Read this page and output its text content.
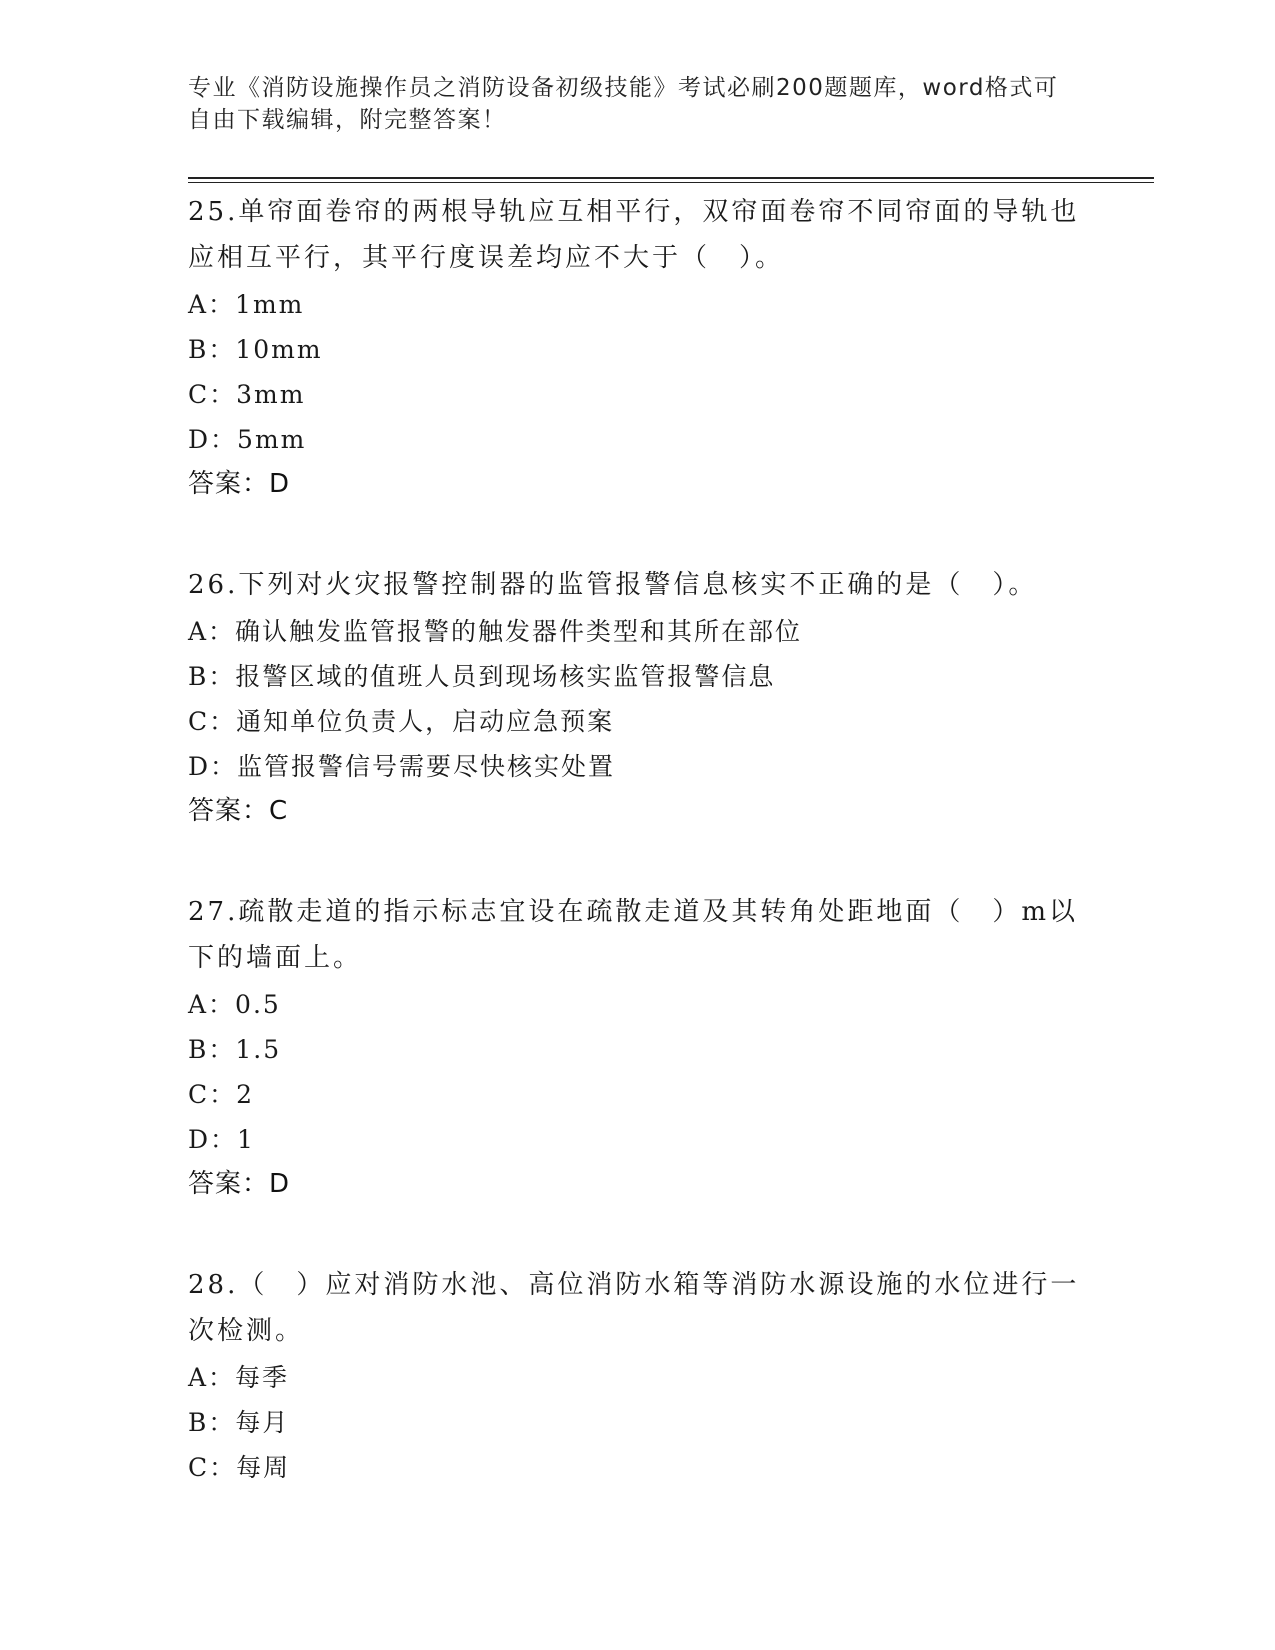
专业《消防设施操作员之消防设备初级技能》考试必刷200题题库，word格式可
自由下载编辑，附完整答案！

25.单帘面卷帘的两根导轨应互相平行，双帘面卷帘不同帘面的导轨也

应相互平行，其平行度误差均应不大于（　）。

A：1mm

B：10mm

C：3mm

D：5mm

答案：D

26.下列对火灾报警控制器的监管报警信息核实不正确的是（　）。

A：确认触发监管报警的触发器件类型和其所在部位

B：报警区域的值班人员到现场核实监管报警信息

C：通知单位负责人，启动应急预案

D：监管报警信号需要尽快核实处置

答案：C

27.疏散走道的指示标志宜设在疏散走道及其转角处距地面（　）m以

下的墙面上。

A：0.5

B：1.5

C：2

D：1

答案：D

28.（　）应对消防水池、高位消防水箱等消防水源设施的水位进行一

次检测。

A：每季

B：每月

C：每周
